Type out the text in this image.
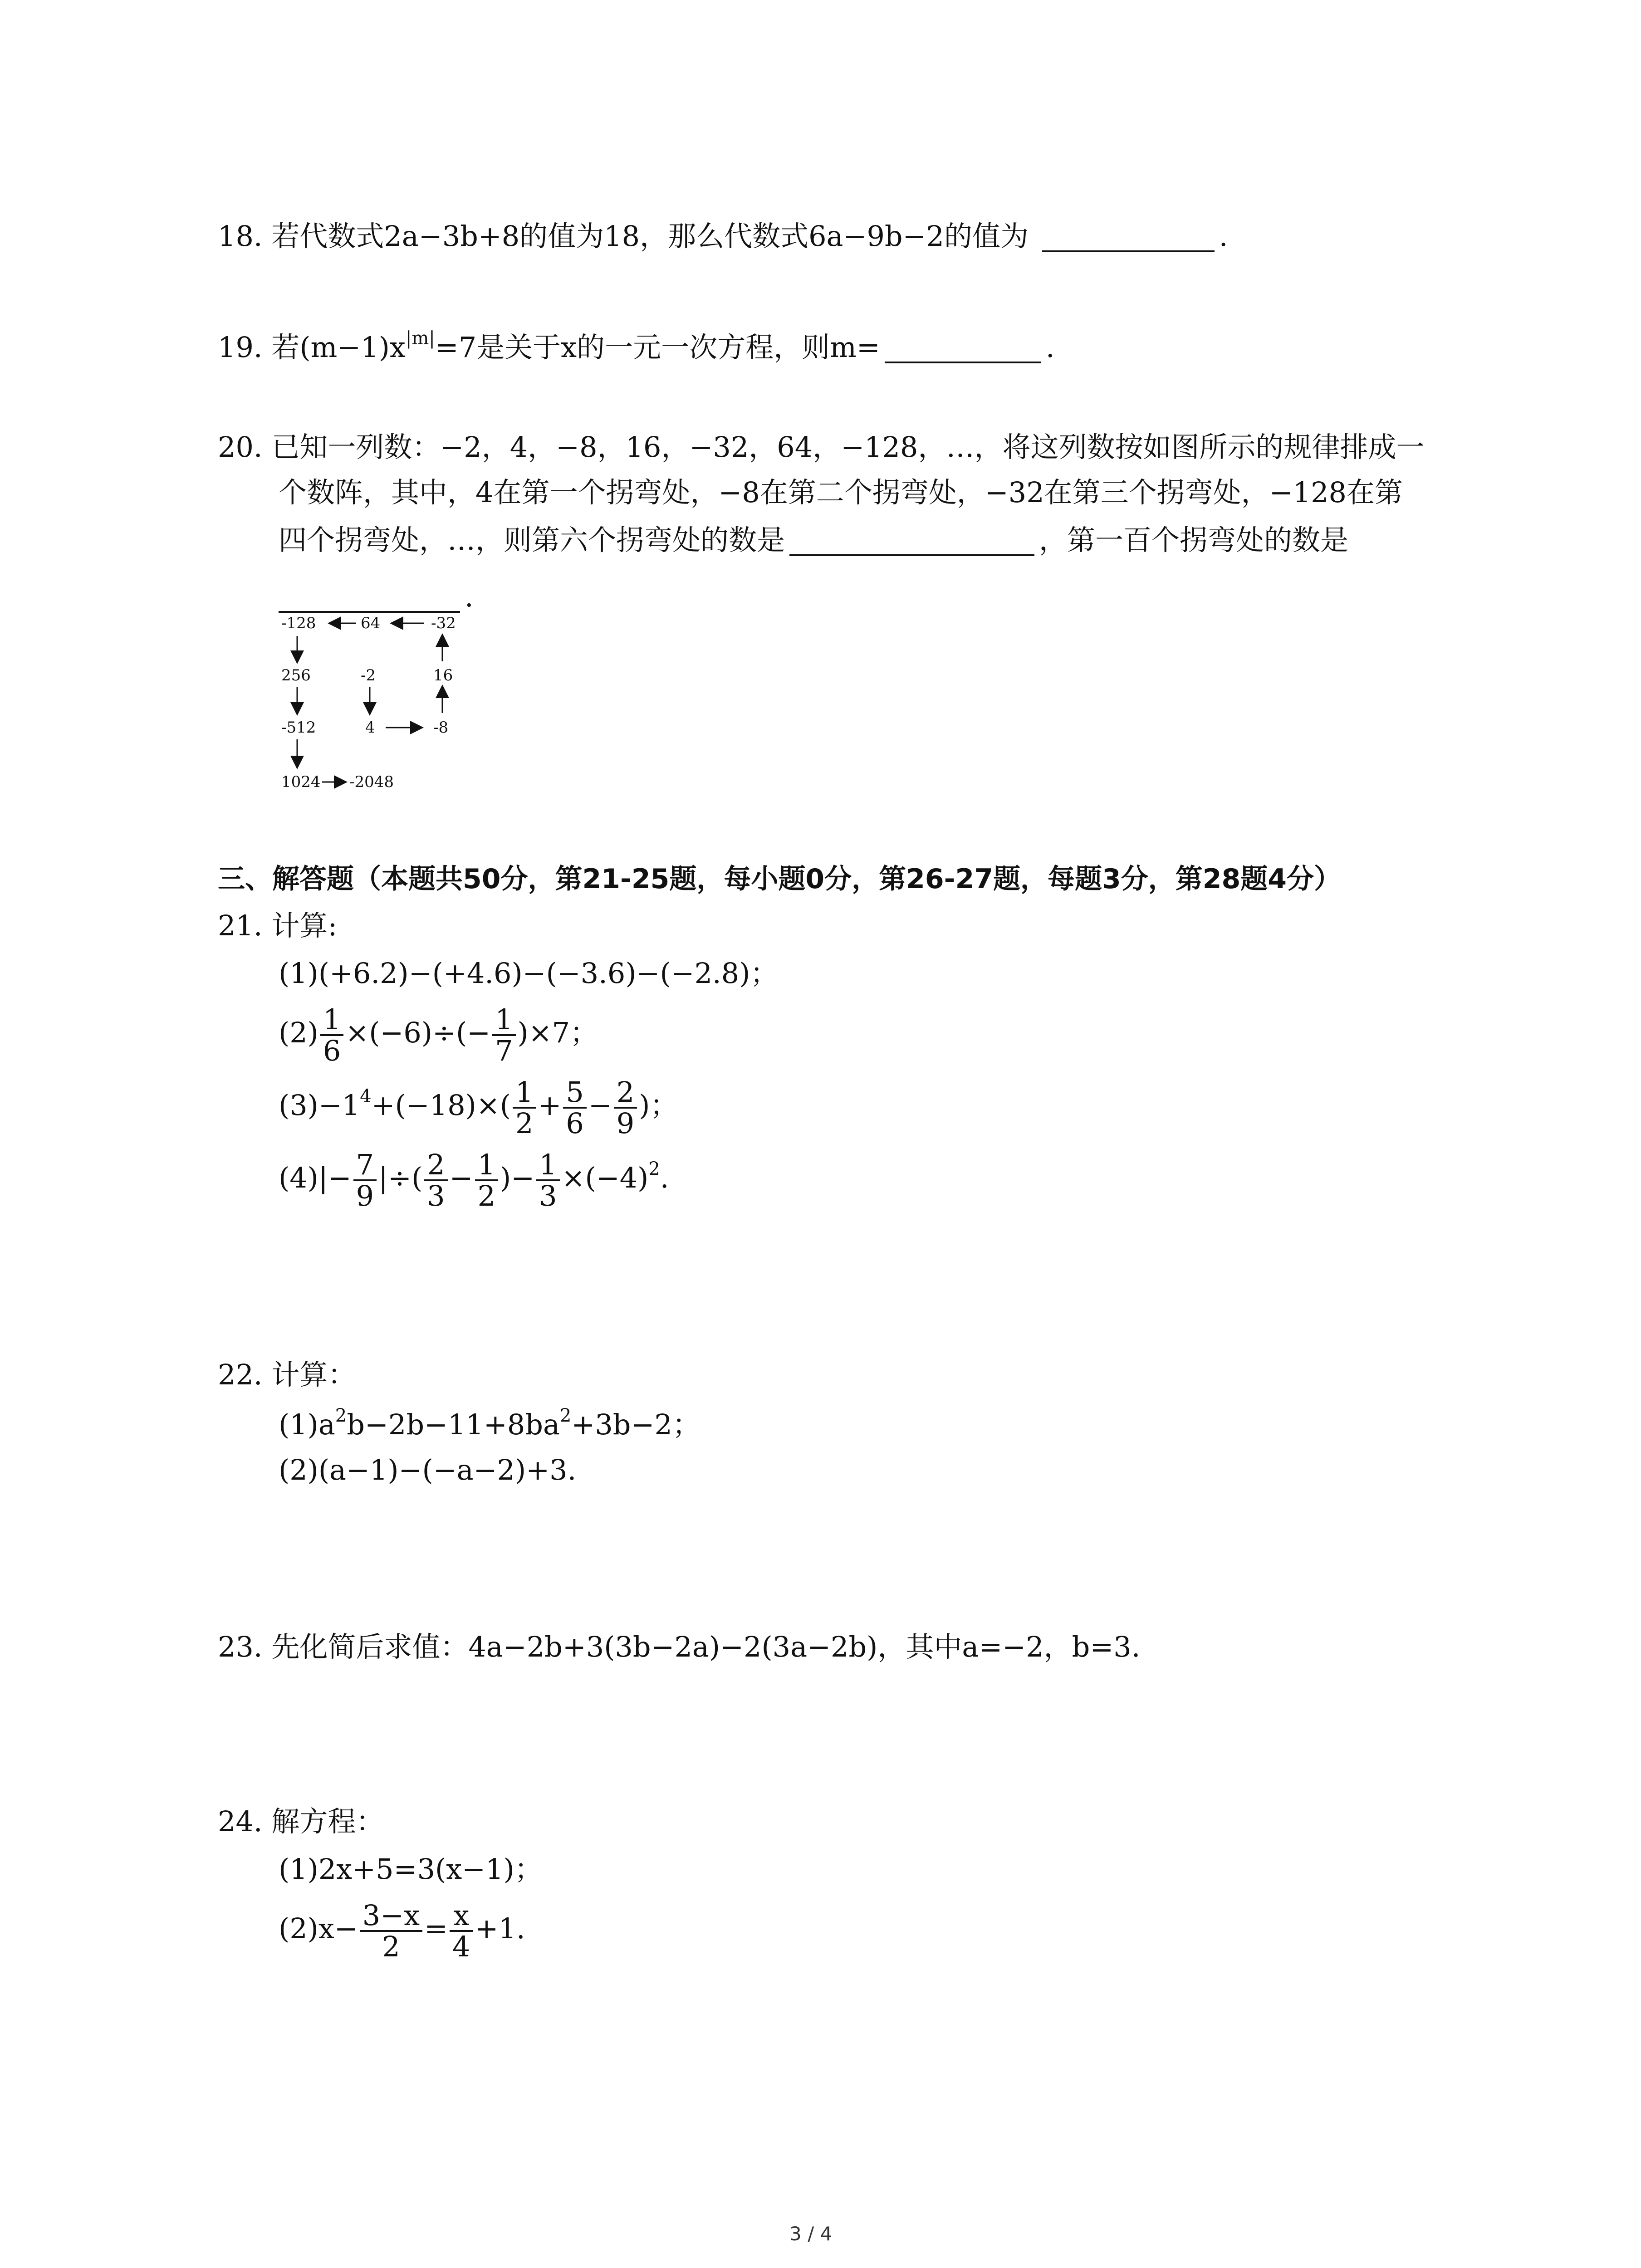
18. 若代数式2a−3b+8的值为18，那么代数式6a−9b−2的值为	.
19. 若$(m-1)x^{|m|}=7$是关于x的一元一次方程，则m=	.
20. 已知一列数：−2，4，−8，16，−32，64，−128，…，将这列数按如图所示的规律排成一
个数阵，其中，4在第一个拐弯处，−8在第二个拐弯处，−32在第三个拐弯处，−128在第
四个拐弯处，…，则第六个拐弯处的数是	，第一百个拐弯处的数是
.
-128	64	-32
256	-2	16
-512	4	-8
1024 -2048
三、解答题（本题共50分，第21-25题，每小题0分，第26-27题，每题3分，第28题4分）
21. 计算:
(1)(+6.2)−(+4.6)−(−3.6)−(−2.8)；
$(2) \frac{1}{6} \times(-6)\div(- \frac{1}{7} )\times 7$；
$(3)-1^4+(-18)\times( \frac{1}{2} + \frac{5}{6} - \frac{2}{9}$ )；
$(4)|- \frac{7}{9}$ |÷( $\frac{2}{3} - \frac{1}{2}$ )− $\frac{1}{3} \times(-4)^2$.
22. 计算：
$(1)a^2b-2b-11+8ba^2+3b-2$；
(2)(a−1)−(−a−2)+3.
23. 先化简后求值：4a−2b+3(3b−2a)−2(3a−2b)，其中a=−2，b=3.
24. 解方程：
(1)2x+5=3(x−1)；
$(2)x- \frac{3-x}{2} = \frac{x}{4} +1$.
3 / 4
